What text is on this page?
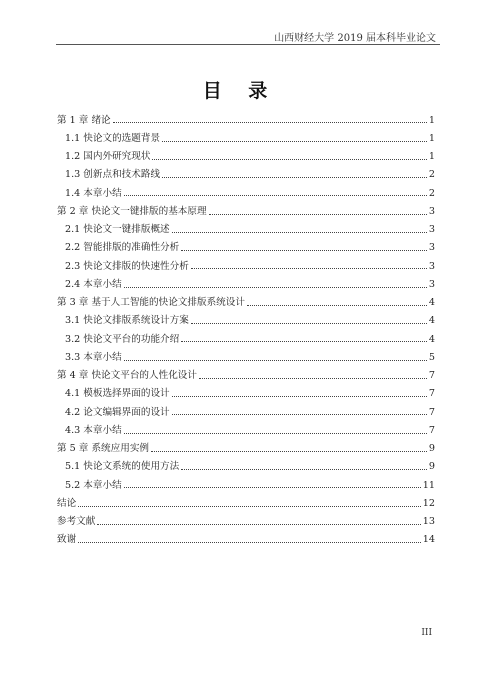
山西财经大学 2019 届本科毕业论文
目 录
第 1 章 绪论	1
1.1 快论文的选题背景	1
1.2 国内外研究现状	1
1.3 创新点和技术路线	2
1.4 本章小结	2
第 2 章 快论文一键排版的基本原理	3
2.1 快论文一键排版概述	3
2.2 智能排版的准确性分析	3
2.3 快论文排版的快速性分析	3
2.4 本章小结	3
第 3 章 基于人工智能的快论文排版系统设计	4
3.1 快论文排版系统设计方案	4
3.2 快论文平台的功能介绍	4
3.3 本章小结	5
第 4 章 快论文平台的人性化设计	7
4.1 模板选择界面的设计	7
4.2 论文编辑界面的设计	7
4.3 本章小结	7
第 5 章 系统应用实例	9
5.1 快论文系统的使用方法	9
5.2 本章小结	11
结论	12
参考文献	13
致谢	14
III
